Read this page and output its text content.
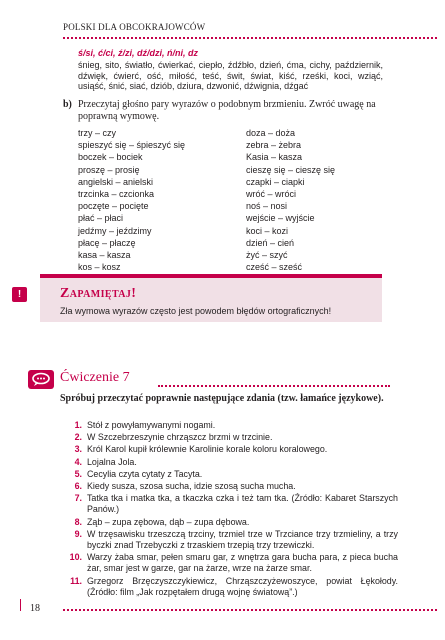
POLSKI DLA OBCOKRAJOWCÓW
ś/si, ć/ci, ź/zi, dź/dzi, ń/ni, dz
śnieg, sito, światło, ćwierkać, ciepło, źdźbło, dzień, ćma, cichy, październik, dźwięk, ćwierć, ość, miłość, teść, świt, świat, kiść, rześki, koci, wziąć, usiąść, śnić, siać, dziób, dziura, dzwonić, dźwignia, dźgać
b) Przeczytaj głośno pary wyrazów o podobnym brzmieniu. Zwróć uwagę na poprawną wymowę.
trzy – czy
spieszyć się – śpieszyć się
boczek – bociek
proszę – prosię
angielski – anielski
trzcinka – czcionka
poczęte – pocięte
płać – płaci
jedźmy – jeździmy
płacę – płaczę
kasa – kasza
kos – kosz
doza – doża
zebra – żebra
Kasia – kasza
cieszę się – cieszę się
czapki – ciapki
wróć – wróci
noś – nosi
wejście – wyjście
koci – kozi
dzień – cień
żyć – szyć
cześć – sześć
!	Zapamiętaj!
Zła wymowa wyrazów często jest powodem błędów ortograficznych!
Ćwiczenie 7
Spróbuj przeczytać poprawnie następujące zdania (tzw. łamańce językowe).
1. Stół z powyłamywanymi nogami.
2. W Szczebrzeszynie chrząszcz brzmi w trzcinie.
3. Król Karol kupił królewnie Karolinie korale koloru koralowego.
4. Lojalna Jola.
5. Cecylia czyta cytaty z Tacyta.
6. Kiedy susza, szosa sucha, idzie szosą sucha mucha.
7. Tatka tka i matka tka, a tkaczka czka i też tam tka. (Źródło: Kabaret Starszych Panów.)
8. Ząb – zupa zębowa, dąb – zupa dębowa.
9. W trzęsawisku trzeszczą trzciny, trzmiel trze w Trzciance trzy trzmieliny, a trzy byczki znad Trzebyczki z trzaskiem trzepią trzy trzewiczki.
10. Warzy żaba smar, pełen smaru gar, z wnętrza gara bucha para, z pieca bucha żar, smar jest w garze, gar na żarze, wrze na żarze smar.
11. Grzegorz Brzęczyszczykiewicz, Chrząszczyżewoszyce, powiat Łękołody. (Źródło: film „Jak rozpętałem drugą wojnę światową”.)
18
